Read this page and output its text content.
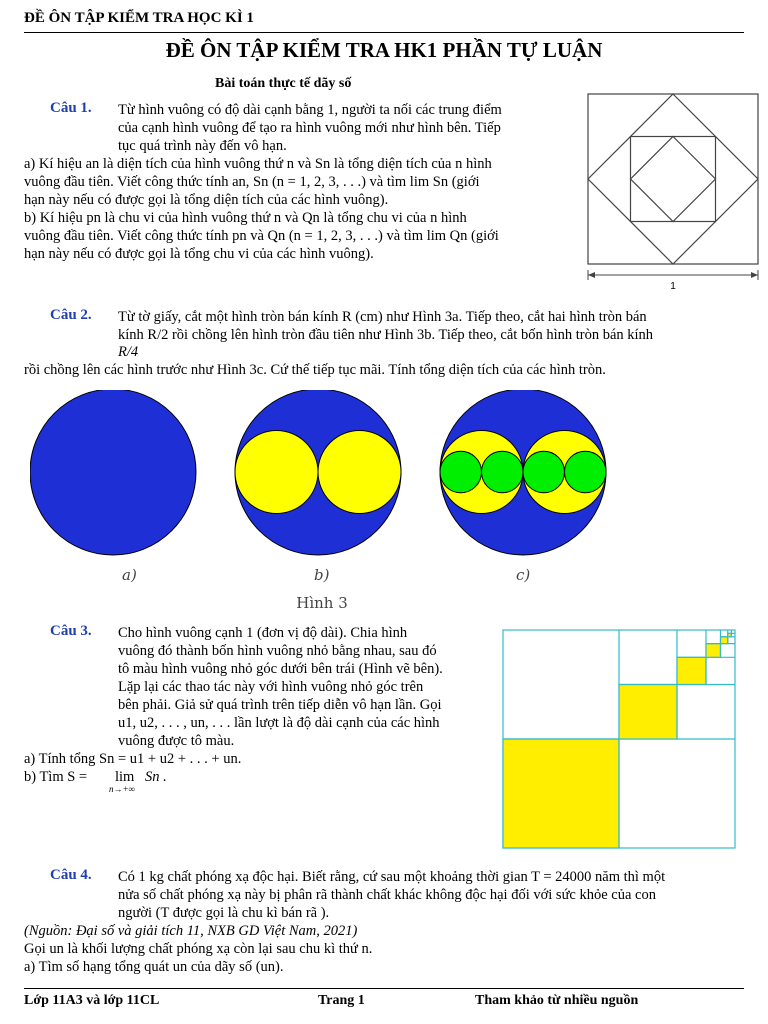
ĐỀ ÔN TẬP KIỂM TRA HỌC KÌ 1
ĐỀ ÔN TẬP KIỂM TRA HK1 PHẦN TỰ LUẬN
Bài toán thực tế dãy số
Câu 1. Từ hình vuông có độ dài cạnh bằng 1, người ta nối các trung điểm
của cạnh hình vuông để tạo ra hình vuông mới như hình bên. Tiếp
tục quá trình này đến vô hạn.
a) Kí hiệu an là diện tích của hình vuông thứ n và Sn là tổng diện tích của n hình
vuông đầu tiên. Viết công thức tính an, Sn (n = 1, 2, 3, . . .) và tìm lim Sn (giới
hạn này nếu có được gọi là tổng diện tích của các hình vuông).
b) Kí hiệu pn là chu vi của hình vuông thứ n và Qn là tổng chu vi của n hình
vuông đầu tiên. Viết công thức tính pn và Qn (n = 1, 2, 3, . . .) và tìm lim Qn (giới
hạn này nếu có được gọi là tổng chu vi của các hình vuông).
1
Câu 2. Từ tờ giấy, cắt một hình tròn bán kính R (cm) như Hình 3a. Tiếp theo, cắt hai hình tròn bán
kính R/2 rồi chồng lên hình tròn đầu tiên như Hình 3b. Tiếp theo, cắt bốn hình tròn bán kính
R/4
rồi chồng lên các hình trước như Hình 3c. Cứ thế tiếp tục mãi. Tính tổng diện tích của các hình tròn.
a)	b)	c)
Hình 3
Câu 3. Cho hình vuông cạnh 1 (đơn vị độ dài). Chia hình
vuông đó thành bốn hình vuông nhỏ bằng nhau, sau đó
tô màu hình vuông nhỏ góc dưới bên trái (Hình vẽ bên).
Lặp lại các thao tác này với hình vuông nhỏ góc trên
bên phải. Giả sử quá trình trên tiếp diễn vô hạn lần. Gọi
u1, u2, . . . , un, . . . lần lượt là độ dài cạnh của các hình
vuông được tô màu.
a) Tính tổng Sn = u1 + u2 + . . . + un.
b) Tìm S = lim
n→+∞
Sn .
Câu 4. Có 1 kg chất phóng xạ độc hại. Biết rằng, cứ sau một khoảng thời gian T = 24000 năm thì một
nửa số chất phóng xạ này bị phân rã thành chất khác không độc hại đối với sức khỏe của con
người (T được gọi là chu kì bán rã ).
(Nguồn: Đại số và giải tích 11, NXB GD Việt Nam, 2021)
Gọi un là khối lượng chất phóng xạ còn lại sau chu kì thứ n.
a) Tìm số hạng tổng quát un của dãy số (un).
Lớp 11A3 và lớp 11CL	Trang 1	Tham khảo từ nhiều nguồn
